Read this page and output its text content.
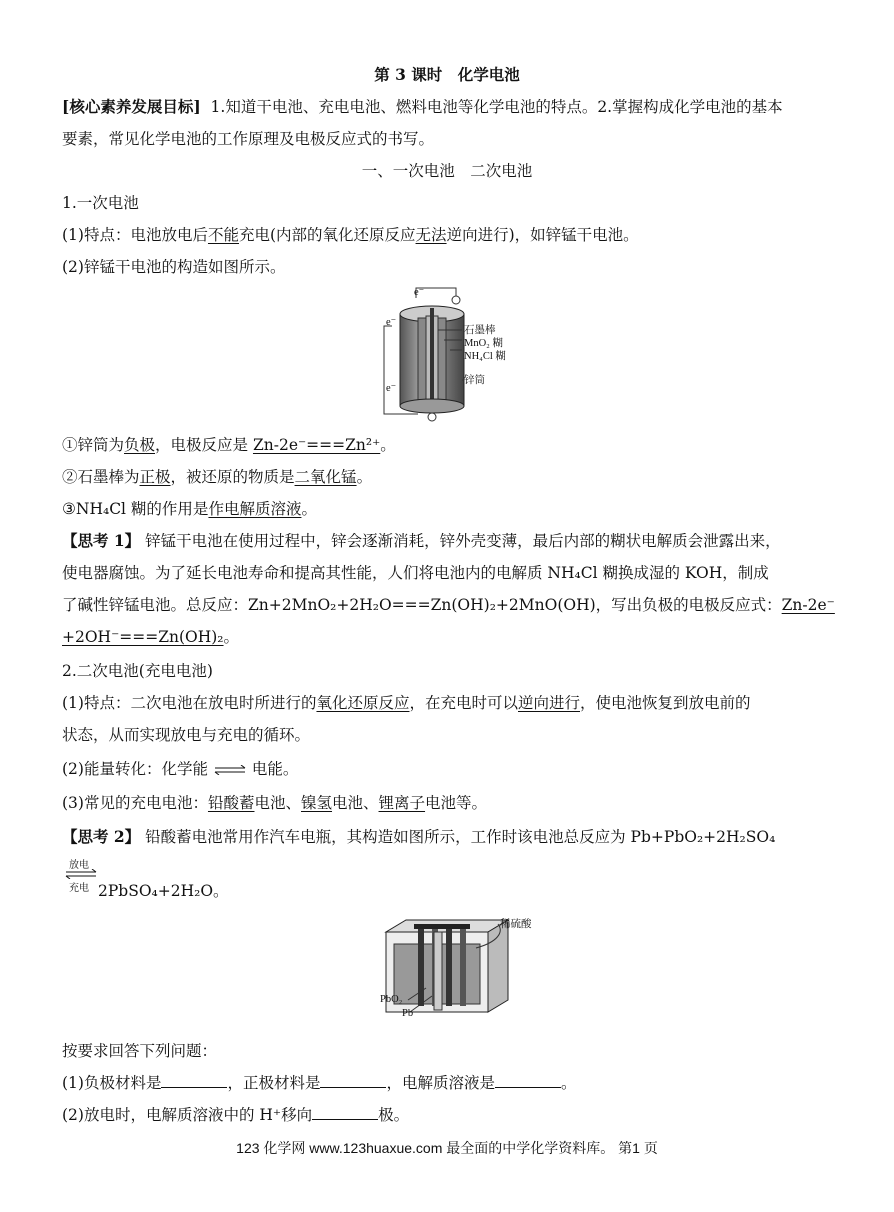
第 3 课时　化学电池
[核心素养发展目标] 1.知道干电池、充电电池、燃料电池等化学电池的特点。2.掌握构成化学电池的基本
要素，常见化学电池的工作原理及电极反应式的书写。
一、一次电池　二次电池
1.一次电池
(1)特点：电池放电后不能充电(内部的氧化还原反应无法逆向进行)，如锌锰干电池。
(2)锌锰干电池的构造如图所示。
石墨棒
MnO₂ 糊
NH₄Cl 糊
锌筒
e⁻
e⁻
e⁻
①锌筒为负极，电极反应是 Zn-2e⁻===Zn²⁺。
②石墨棒为正极，被还原的物质是二氧化锰。
③NH₄Cl 糊的作用是作电解质溶液。
【思考 1】 锌锰干电池在使用过程中，锌会逐渐消耗，锌外壳变薄，最后内部的糊状电解质会泄露出来，
使电器腐蚀。为了延长电池寿命和提高其性能，人们将电池内的电解质 NH₄Cl 糊换成湿的 KOH，制成
了碱性锌锰电池。总反应：Zn+2MnO₂+2H₂O===Zn(OH)₂+2MnO(OH)，写出负极的电极反应式：Zn-2e⁻
+2OH⁻===Zn(OH)₂。
2.二次电池(充电电池)
(1)特点：二次电池在放电时所进行的氧化还原反应，在充电时可以逆向进行，使电池恢复到放电前的
状态，从而实现放电与充电的循环。
(2)能量转化：化学能 ⇌ 电能。
(3)常见的充电电池：铅酸蓄电池、镍氢电池、锂离子电池等。
【思考 2】 铅酸蓄电池常用作汽车电瓶，其构造如图所示，工作时该电池总反应为 Pb+PbO₂+2H₂SO₄
放电
充电 2PbSO₄+2H₂O。
稀硫酸
PbO₂
Pb
按要求回答下列问题：
(1)负极材料是	，正极材料是	，电解质溶液是	。
(2)放电时，电解质溶液中的 H⁺移向	极。
123 化学网 www.123huaxue.com 最全面的中学化学资料库。 第1 页
